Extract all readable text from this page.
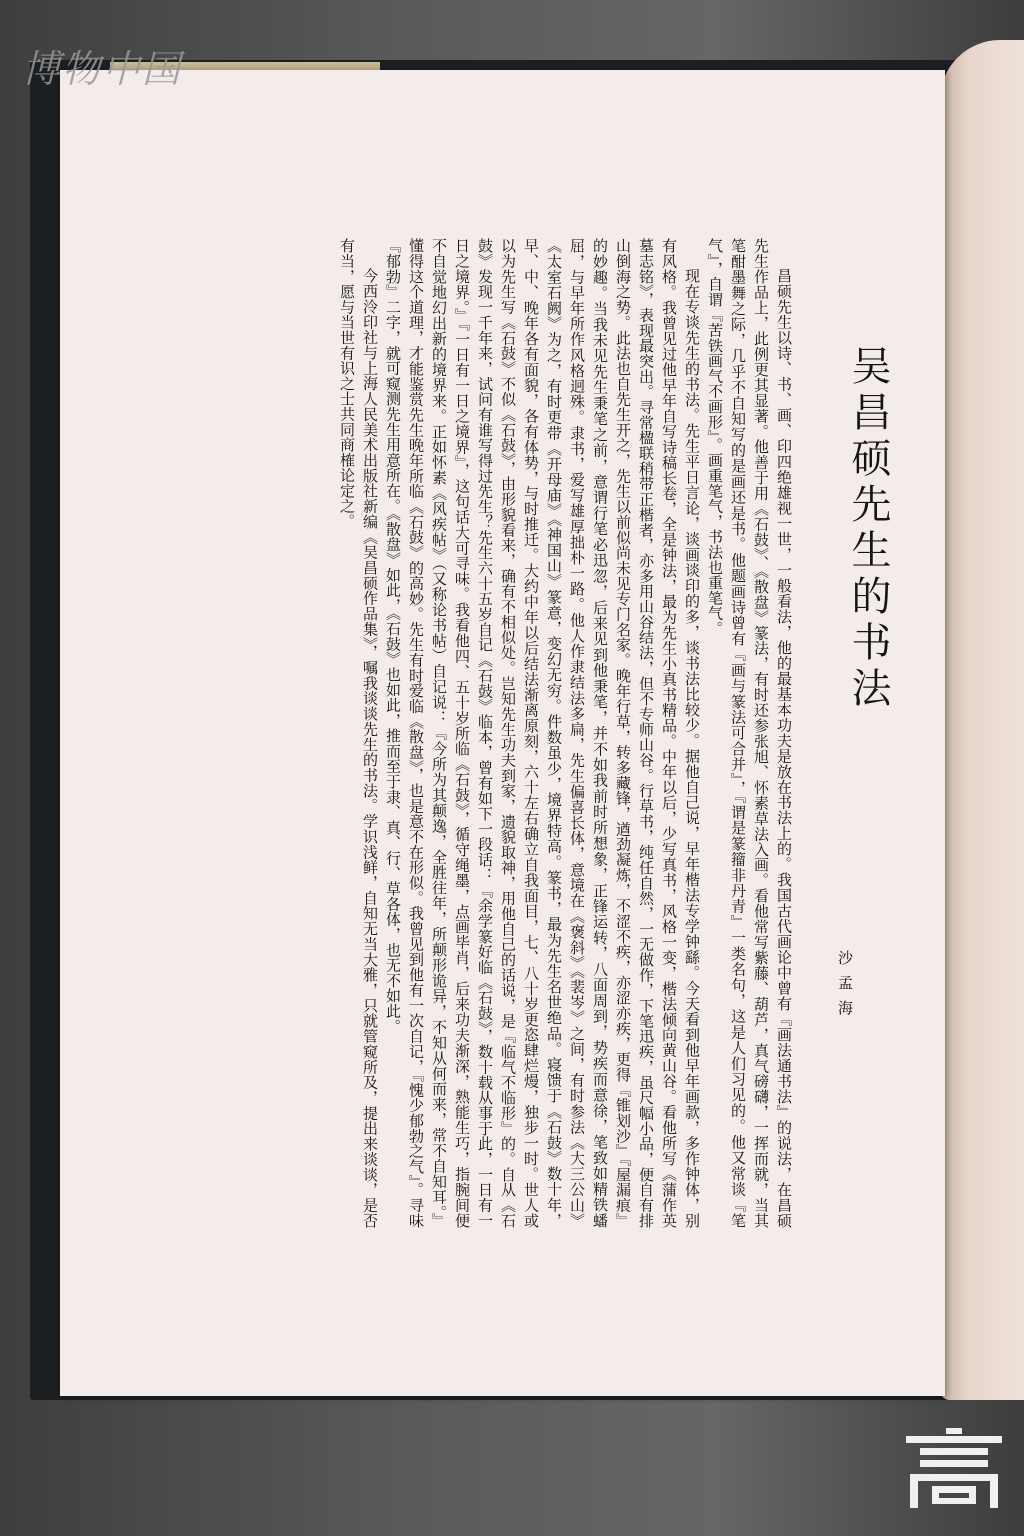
吴昌硕先生的书法
沙孟海

昌硕先生以诗、书、画、印四绝雄视一世，一般看法，他的最基本功夫是放在书法上的。我国古代画论中曾有『画法通书法』的说法，在昌硕先生作品上，此例更其显著。他善于用《石鼓》、《散盘》篆法，有时还参张旭、怀素草法入画。看他常写紫藤、葫芦，真气磅礴，一挥而就，当其笔酣墨舞之际，几乎不自知写的是画还是书。他题画诗曾有『画与篆法可合并』，『谓是篆籀非丹青』一类名句，这是人们习见的。他又常谈『笔气』，自谓『苦铁画气不画形』。画重笔气，书法也重笔气。

现在专谈先生的书法。先生平日言论，谈画谈印的多，谈书法比较少。据他自己说，早年楷法专学钟繇。今天看到他早年画款，多作钟体，别有风格。我曾见过他早年自写诗稿长卷，全是钟法，最为先生小真书精品。中年以后，少写真书，风格一变，楷法倾向黄山谷。看他所写《蒲作英墓志铭》，表现最突出。寻常楹联稍带正楷者，亦多用山谷结法，但不专师山谷。行草书，纯任自然，一无做作，下笔迅疾，虽尺幅小品，便自有排山倒海之势。此法也自先生开之，先生以前似尚未见专门名家。晚年行草，转多藏锋，遒劲凝炼，不涩不疾，亦涩亦疾，更得『锥划沙』『屋漏痕』的妙趣。当我未见先生秉笔之前，意谓行笔必迅忽，后来见到他秉笔，并不如我前时所想象，正锋运转，八面周到，势疾而意徐，笔致如精铁蟠屈，与早年所作风格迥殊。隶书，爱写雄厚拙朴一路。他人作隶结法多扁，先生偏喜长体，意境在《褒斜》《裴岑》之间，有时参法《大三公山》《太室石阙》为之，有时更带《开母庙》《神国山》篆意，变幻无穷。件数虽少，境界特高。篆书，最为先生名世绝品。寝馈于《石鼓》数十年，早、中、晚年各有面貌，各有体势，与时推迁。大约中年以后结法渐离原刻，六十左右确立自我面目，七、八十岁更恣肆烂熳，独步一时。世人或以为先生写《石鼓》不似《石鼓》，由形貌看来，确有不相似处。岂知先生功夫到家，遗貌取神，用他自己的话说，是『临气不临形』的。自从《石鼓》发现一千年来，试问有谁写得过先生？先生六十五岁自记《石鼓》临本，曾有如下一段话：『余学篆好临《石鼓》，数十载从事于此，一日有一日之境界。』『一日有一日之境界』，这句话大可寻味。我看他四、五十岁所临《石鼓》，循守绳墨，点画毕肖，后来功夫渐深，熟能生巧，指腕间便不自觉地幻出新的境界来。正如怀素《风疾帖》（又称论书帖）自记说：『今所为其颠逸，全胜往年，所颠形诡异，不知从何而来，常不自知耳。』懂得这个道理，才能鉴赏先生晚年所临《石鼓》的高妙。先生有时爱临《散盘》，也是意不在形似。我曾见到他有一次自记，『愧少郁勃之气』。寻味『郁勃』二字，就可窥测先生用意所在。《散盘》如此，《石鼓》也如此，推而至于隶、真、行、草各体，也无不如此。

今西泠印社与上海人民美术出版社新编《吴昌硕作品集》，嘱我谈谈先生的书法。学识浅鲜，自知无当大雅，只就管窥所及，提出来谈谈，是否有当，愿与当世有识之士共同商榷论定之。

博物中国
